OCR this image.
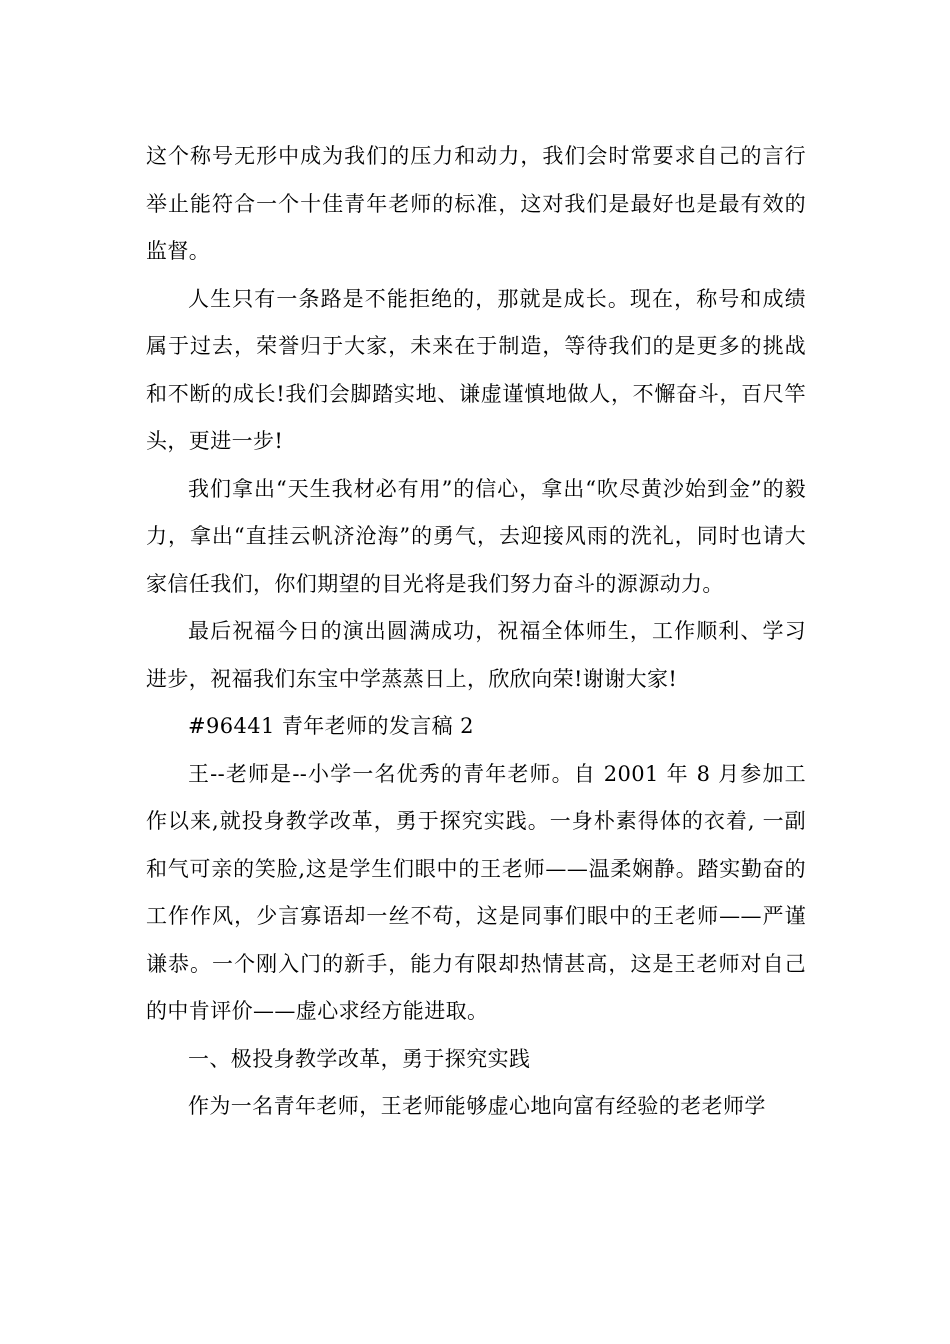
这个称号无形中成为我们的压力和动力，我们会时常要求自己的言行举止能符合一个十佳青年老师的标准，这对我们是最好也是最有效的监督。

人生只有一条路是不能拒绝的，那就是成长。现在，称号和成绩属于过去，荣誉归于大家，未来在于制造，等待我们的是更多的挑战和不断的成长!我们会脚踏实地、谦虚谨慎地做人，不懈奋斗，百尺竿头，更进一步!

我们拿出“天生我材必有用”的信心，拿出“吹尽黄沙始到金”的毅力，拿出“直挂云帆济沧海”的勇气，去迎接风雨的洗礼，同时也请大家信任我们，你们期望的目光将是我们努力奋斗的源源动力。

最后祝福今日的演出圆满成功，祝福全体师生，工作顺利、学习进步，祝福我们东宝中学蒸蒸日上，欣欣向荣!谢谢大家!

#96441 青年老师的发言稿 2

王--老师是--小学一名优秀的青年老师。自 2001 年 8 月参加工作以来,就投身教学改革，勇于探究实践。一身朴素得体的衣着, 一副和气可亲的笑脸,这是学生们眼中的王老师——温柔娴静。踏实勤奋的工作作风，少言寡语却一丝不苟，这是同事们眼中的王老师——严谨谦恭。一个刚入门的新手，能力有限却热情甚高，这是王老师对自己的中肯评价——虚心求经方能进取。

一、极投身教学改革，勇于探究实践

作为一名青年老师，王老师能够虚心地向富有经验的老老师学
